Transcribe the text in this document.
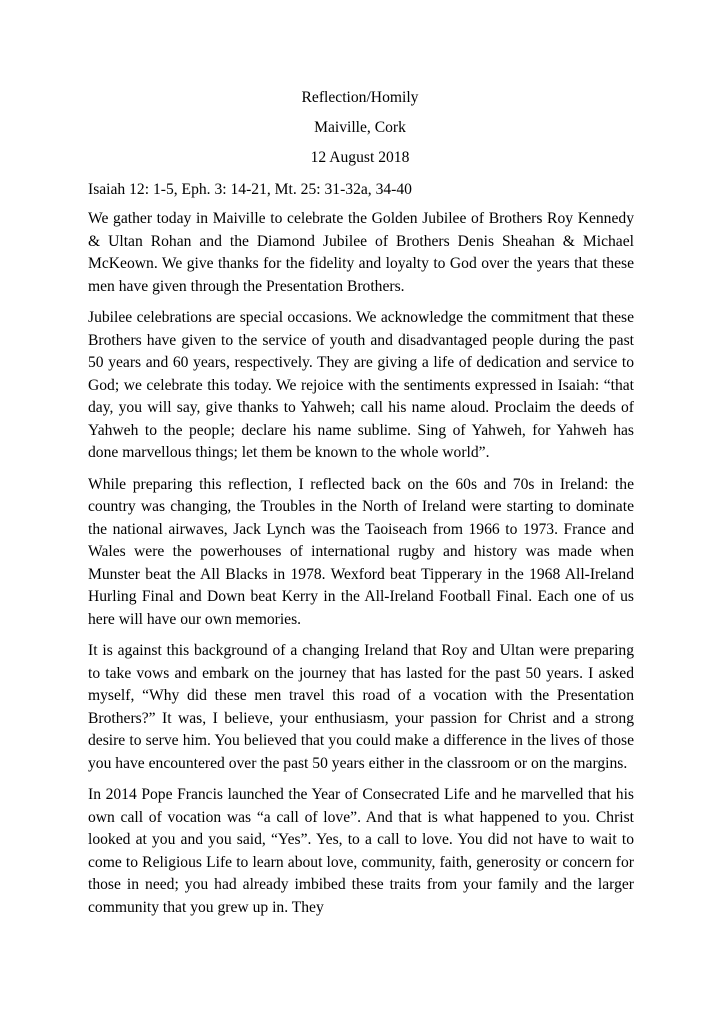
Reflection/Homily

Maiville, Cork

12 August 2018

Isaiah 12: 1-5, Eph. 3: 14-21, Mt. 25: 31-32a, 34-40

We gather today in Maiville to celebrate the Golden Jubilee of Brothers Roy Kennedy & Ultan Rohan and the Diamond Jubilee of Brothers Denis Sheahan & Michael McKeown. We give thanks for the fidelity and loyalty to God over the years that these men have given through the Presentation Brothers.

Jubilee celebrations are special occasions. We acknowledge the commitment that these Brothers have given to the service of youth and disadvantaged people during the past 50 years and 60 years, respectively. They are giving a life of dedication and service to God; we celebrate this today. We rejoice with the sentiments expressed in Isaiah: “that day, you will say, give thanks to Yahweh; call his name aloud. Proclaim the deeds of Yahweh to the people; declare his name sublime. Sing of Yahweh, for Yahweh has done marvellous things; let them be known to the whole world”.

While preparing this reflection, I reflected back on the 60s and 70s in Ireland: the country was changing, the Troubles in the North of Ireland were starting to dominate the national airwaves, Jack Lynch was the Taoiseach from 1966 to 1973. France and Wales were the powerhouses of international rugby and history was made when Munster beat the All Blacks in 1978. Wexford beat Tipperary in the 1968 All-Ireland Hurling Final and Down beat Kerry in the All-Ireland Football Final. Each one of us here will have our own memories.

It is against this background of a changing Ireland that Roy and Ultan were preparing to take vows and embark on the journey that has lasted for the past 50 years. I asked myself, “Why did these men travel this road of a vocation with the Presentation Brothers?” It was, I believe, your enthusiasm, your passion for Christ and a strong desire to serve him. You believed that you could make a difference in the lives of those you have encountered over the past 50 years either in the classroom or on the margins.

In 2014 Pope Francis launched the Year of Consecrated Life and he marvelled that his own call of vocation was “a call of love”. And that is what happened to you. Christ looked at you and you said, “Yes”. Yes, to a call to love. You did not have to wait to come to Religious Life to learn about love, community, faith, generosity or concern for those in need; you had already imbibed these traits from your family and the larger community that you grew up in. They
